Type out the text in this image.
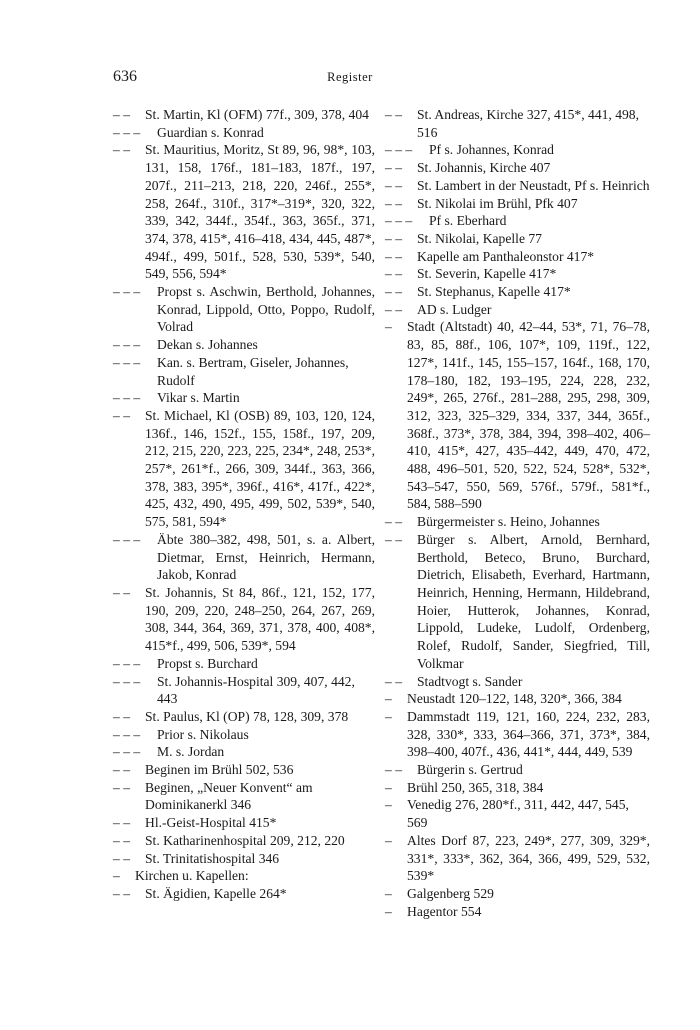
636	Register
– – St. Martin, Kl (OFM) 77f., 309, 378, 404
– – – Guardian s. Konrad
– – St. Mauritius, Moritz, St 89, 96, 98*, 103, 131, 158, 176f., 181–183, 187f., 197, 207f., 211–213, 218, 220, 246f., 255*, 258, 264f., 310f., 317*–319*, 320, 322, 339, 342, 344f., 354f., 363, 365f., 371, 374, 378, 415*, 416–418, 434, 445, 487*, 494f., 499, 501f., 528, 530, 539*, 540, 549, 556, 594*
– – – Propst s. Aschwin, Berthold, Johannes, Konrad, Lippold, Otto, Poppo, Rudolf, Volrad
– – – Dekan s. Johannes
– – – Kan. s. Bertram, Giseler, Johannes, Rudolf
– – – Vikar s. Martin
– – St. Michael, Kl (OSB) 89, 103, 120, 124, 136f., 146, 152f., 155, 158f., 197, 209, 212, 215, 220, 223, 225, 234*, 248, 253*, 257*, 261*f., 266, 309, 344f., 363, 366, 378, 383, 395*, 396f., 416*, 417f., 422*, 425, 432, 490, 495, 499, 502, 539*, 540, 575, 581, 594*
– – – Äbte 380–382, 498, 501, s. a. Albert, Dietmar, Ernst, Heinrich, Hermann, Jakob, Konrad
– – St. Johannis, St 84, 86f., 121, 152, 177, 190, 209, 220, 248–250, 264, 267, 269, 308, 344, 364, 369, 371, 378, 400, 408*, 415*f., 499, 506, 539*, 594
– – – Propst s. Burchard
– – – St. Johannis-Hospital 309, 407, 442, 443
– – St. Paulus, Kl (OP) 78, 128, 309, 378
– – – Prior s. Nikolaus
– – – M. s. Jordan
– – Beginen im Brühl 502, 536
– – Beginen, „Neuer Konvent“ am Dominikanerkl 346
– – Hl.-Geist-Hospital 415*
– – St. Katharinenhospital 209, 212, 220
– – St. Trinitatishospital 346
– Kirchen u. Kapellen:
– – St. Ägidien, Kapelle 264*
– – St. Andreas, Kirche 327, 415*, 441, 498, 516
– – – Pf s. Johannes, Konrad
– – St. Johannis, Kirche 407
– – St. Lambert in der Neustadt, Pf s. Heinrich
– – St. Nikolai im Brühl, Pfk 407
– – – Pf s. Eberhard
– – St. Nikolai, Kapelle 77
– – Kapelle am Panthaleonstor 417*
– – St. Severin, Kapelle 417*
– – St. Stephanus, Kapelle 417*
– – AD s. Ludger
– Stadt (Altstadt) 40, 42–44, 53*, 71, 76–78, 83, 85, 88f., 106, 107*, 109, 119f., 122, 127*, 141f., 145, 155–157, 164f., 168, 170, 178–180, 182, 193–195, 224, 228, 232, 249*, 265, 276f., 281–288, 295, 298, 309, 312, 323, 325–329, 334, 337, 344, 365f., 368f., 373*, 378, 384, 394, 398–402, 406–410, 415*, 427, 435–442, 449, 470, 472, 488, 496–501, 520, 522, 524, 528*, 532*, 543–547, 550, 569, 576f., 579f., 581*f., 584, 588–590
– – Bürgermeister s. Heino, Johannes
– – Bürger s. Albert, Arnold, Bernhard, Berthold, Beteco, Bruno, Burchard, Dietrich, Elisabeth, Everhard, Hartmann, Heinrich, Henning, Hermann, Hildebrand, Hoier, Hutterok, Johannes, Konrad, Lippold, Ludeke, Ludolf, Ordenberg, Rolef, Rudolf, Sander, Siegfried, Till, Volkmar
– – Stadtvogt s. Sander
– Neustadt 120–122, 148, 320*, 366, 384
– Dammstadt 119, 121, 160, 224, 232, 283, 328, 330*, 333, 364–366, 371, 373*, 384, 398–400, 407f., 436, 441*, 444, 449, 539
– – Bürgerin s. Gertrud
– Brühl 250, 365, 318, 384
– Venedig 276, 280*f., 311, 442, 447, 545, 569
– Altes Dorf 87, 223, 249*, 277, 309, 329*, 331*, 333*, 362, 364, 366, 499, 529, 532, 539*
– Galgenberg 529
– Hagentor 554
